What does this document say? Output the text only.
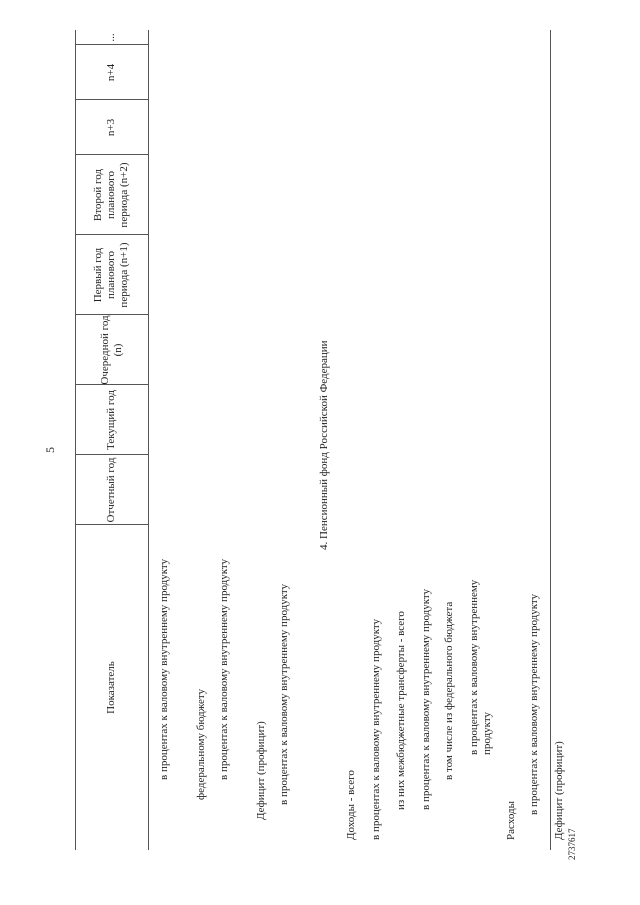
5
Показатель
Отчетный год
Текущий год
Очередной год (n)
Первый год планового периода (n+1)
Второй год планового периода (n+2)
n+3
n+4
...
в процентах к валовому внутреннему продукту федеральному бюджету в процентах к валовому внутреннему продукту Дефицит (профицит) в процентах к валовому внутреннему продукту
4. Пенсионный фонд Российской Федерации
Доходы - всего в процентах к валовому внутреннему продукту из них межбюджетные трансферты - всего в процентах к валовому внутреннему продукту в том числе из федерального бюджета в процентах к валовому внутреннему продукту
Расходы
в процентах к валовому внутреннему продукту Дефицит (профицит)
2737617
